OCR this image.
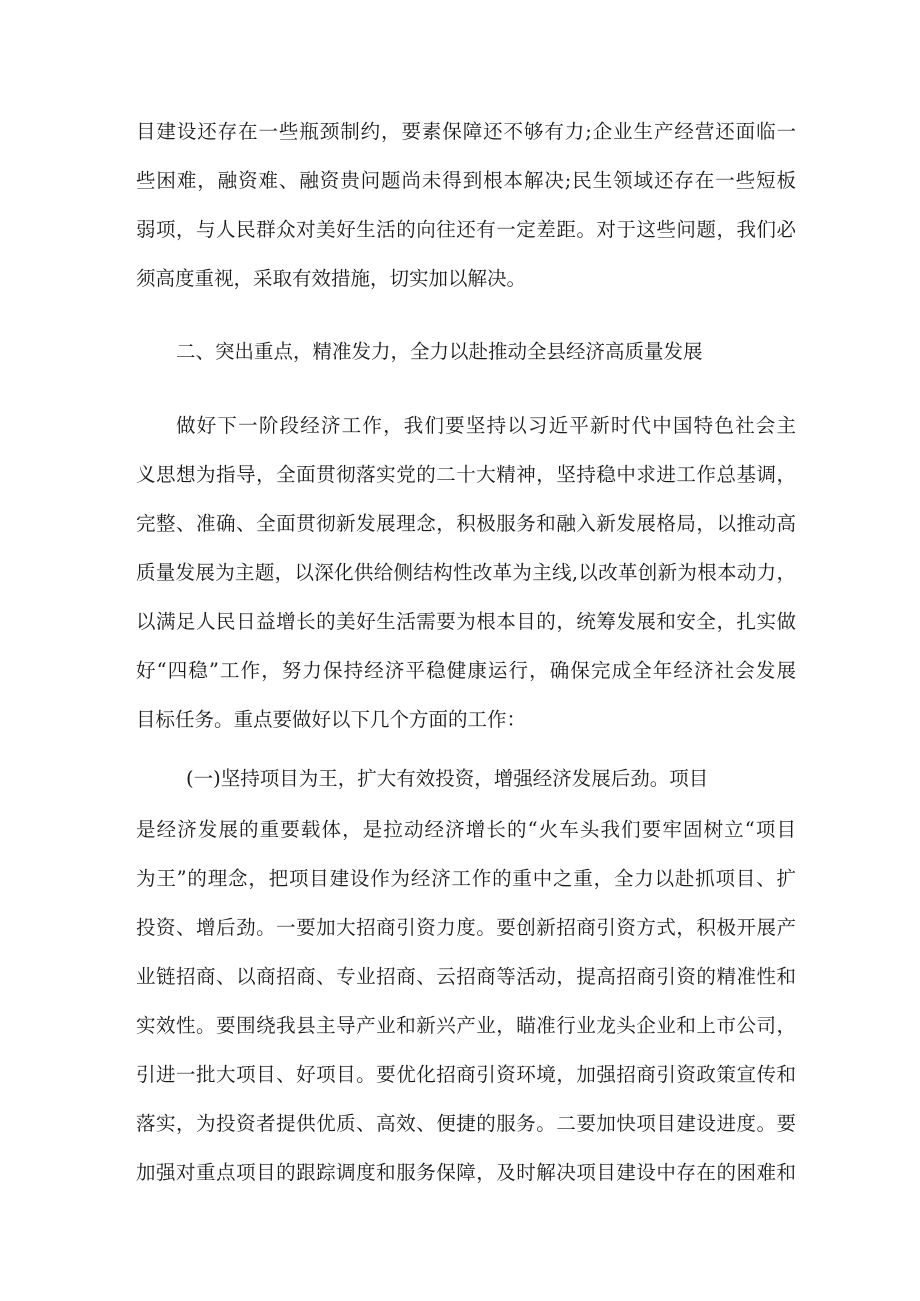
目建设还存在一些瓶颈制约，要素保障还不够有力;企业生产经营还面临一
些困难，融资难、融资贵问题尚未得到根本解决;民生领域还存在一些短板
弱项，与人民群众对美好生活的向往还有一定差距。对于这些问题，我们必
须高度重视，采取有效措施，切实加以解决。
二、突出重点，精准发力，全力以赴推动全县经济高质量发展
做好下一阶段经济工作，我们要坚持以习近平新时代中国特色社会主
义思想为指导，全面贯彻落实党的二十大精神，坚持稳中求进工作总基调，
完整、准确、全面贯彻新发展理念，积极服务和融入新发展格局，以推动高
质量发展为主题，以深化供给侧结构性改革为主线,以改革创新为根本动力，
以满足人民日益增长的美好生活需要为根本目的，统筹发展和安全，扎实做
好“四稳”工作，努力保持经济平稳健康运行，确保完成全年经济社会发展
目标任务。重点要做好以下几个方面的工作：
(一)坚持项目为王，扩大有效投资，增强经济发展后劲。项目
是经济发展的重要载体，是拉动经济增长的“火车头我们要牢固树立“项目
为王”的理念，把项目建设作为经济工作的重中之重，全力以赴抓项目、扩
投资、增后劲。一要加大招商引资力度。要创新招商引资方式，积极开展产
业链招商、以商招商、专业招商、云招商等活动，提高招商引资的精准性和
实效性。要围绕我县主导产业和新兴产业，瞄准行业龙头企业和上市公司，
引进一批大项目、好项目。要优化招商引资环境，加强招商引资政策宣传和
落实，为投资者提供优质、高效、便捷的服务。二要加快项目建设进度。要
加强对重点项目的跟踪调度和服务保障，及时解决项目建设中存在的困难和
